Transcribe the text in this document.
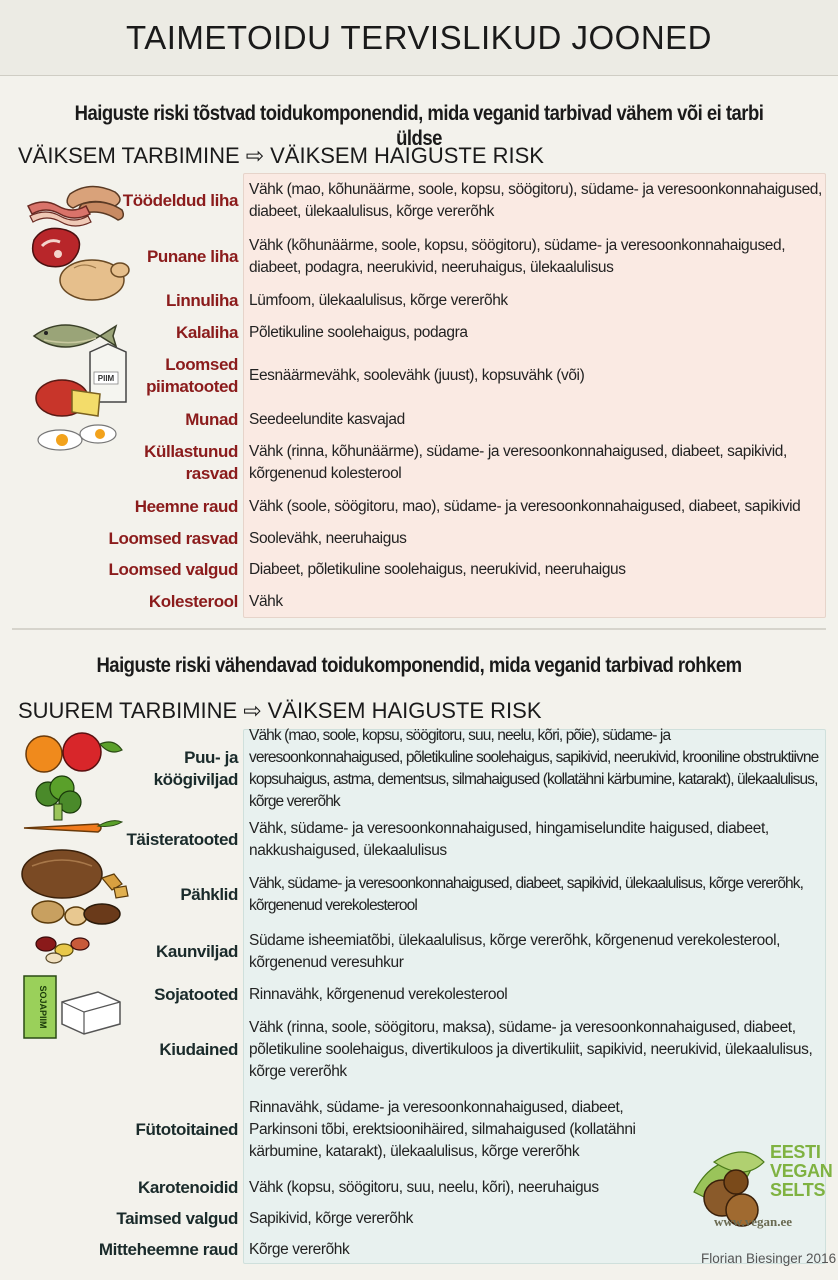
TAIMETOIDU TERVISLIKUD JOONED
Haiguste riski tõstvad toidukomponendid, mida veganid tarbivad vähem või ei tarbi üldse
VÄIKSEM TARBIMINE ⇨ VÄIKSEM HAIGUSTE RISK
Töödeldud liha
Vähk (mao, kõhunäärme, soole, kopsu, söögitoru), südame- ja veresoonkonnahaigused, diabeet, ülekaalulisus, kõrge vererõhk
Punane liha
Vähk (kõhunäärme, soole, kopsu, söögitoru), südame- ja veresoonkonnahaigused, diabeet, podagra, neerukivid, neeruhaigus, ülekaalulisus
Linnuliha Lümfoom, ülekaalulisus, kõrge vererõhk
Kalaliha Põletikuline soolehaigus, podagra
Loomsed piimatooted
Eesnäärmevähk, soolevähk (juust), kopsuvähk (või)
Munad Seedeelundite kasvajad
Küllastunud rasvad
Vähk (rinna, kõhunäärme), südame- ja veresoonkonnahaigused, diabeet, sapikivid, kõrgenenud kolesterool
Heemne raud Vähk (soole, söögitoru, mao), südame- ja veresoonkonnahaigused, diabeet, sapikivid
Loomsed rasvad Soolevähk, neeruhaigus
Loomsed valgud Diabeet, põletikuline soolehaigus, neerukivid, neeruhaigus
Kolesterool Vähk
PIIM
Haiguste riski vähendavad toidukomponendid, mida veganid tarbivad rohkem
SUUREM TARBIMINE ⇨ VÄIKSEM HAIGUSTE RISK
Puu- ja köögiviljad
Vähk (mao, soole, kopsu, söögitoru, suu, neelu, kõri, põie), südame- ja veresoonkonnahaigused, põletikuline soolehaigus, sapikivid, neerukivid, krooniline obstruktiivne kopsuhaigus, astma, dementsus, silmahaigused (kollatähni kärbumine, katarakt), ülekaalulisus, kõrge vererõhk
Täisteratooted
Vähk, südame- ja veresoonkonnahaigused, hingamiselundite haigused, diabeet, nakkushaigused, ülekaalulisus
Pähklid
Vähk, südame- ja veresoonkonnahaigused, diabeet, sapikivid, ülekaalulisus, kõrge vererõhk, kõrgenenud verekolesterool
Kaunviljad
Südame isheemiatõbi, ülekaalulisus, kõrge vererõhk, kõrgenenud verekolesterool, kõrgenenud veresuhkur
Sojatooted Rinnavähk, kõrgenenud verekolesterool
Kiudained
Vähk (rinna, soole, söögitoru, maksa), südame- ja veresoonkonnahaigused, diabeet, põletikuline soolehaigus, divertikuloos ja divertikuliit, sapikivid, neerukivid, ülekaalulisus, kõrge vererõhk
Fütotoitained
Rinnavähk, südame- ja veresoonkonnahaigused, diabeet, Parkinsoni tõbi, erektsioonihäired, silmahaigused (kollatähni kärbumine, katarakt), ülekaalulisus, kõrge vererõhk
Karotenoidid Vähk (kopsu, söögitoru, suu, neelu, kõri), neeruhaigus
Taimsed valgud Sapikivid, kõrge vererõhk
Mitteheemne raud Kõrge vererõhk
SOJAPIIM
EESTI
VEGAN
SELTS
www.vegan.ee
Florian Biesinger 2016
